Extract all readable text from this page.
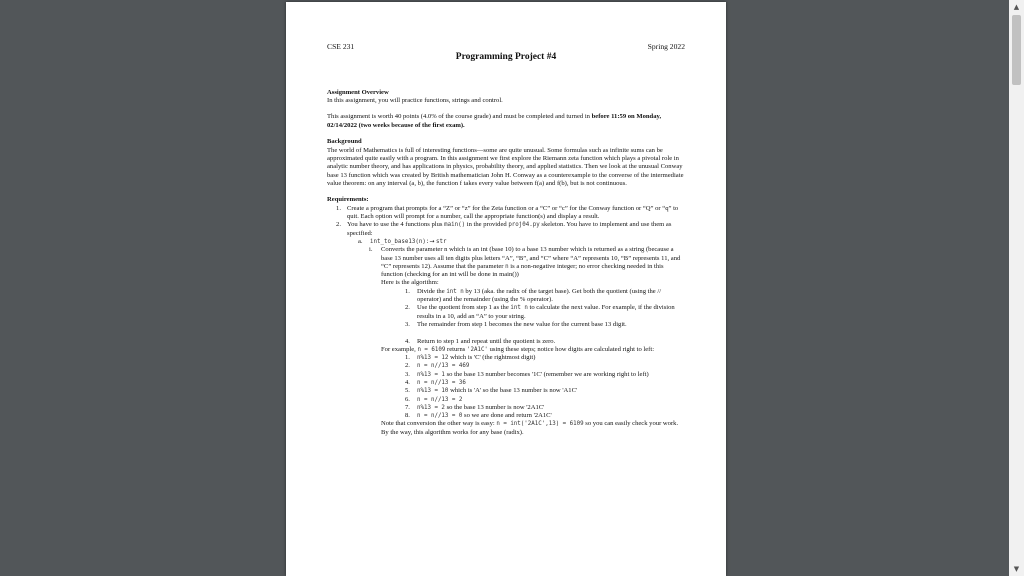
CSE 231	Spring 2022
Programming Project #4

Assignment Overview

In this assignment, you will practice functions, strings and control.

This assignment is worth 40 points (4.0% of the course grade) and must be completed and turned in before 11:59 on Monday, 02/14/2022 (two weeks because of the first exam).

Background

The world of Mathematics is full of interesting functions—some are quite unusual. Some formulas such as infinite sums can be approximated quite easily with a program. In this assignment we first explore the Riemann zeta function which plays a pivotal role in analytic number theory, and has applications in physics, probability theory, and applied statistics. Then we look at the unusual Conway base 13 function which was created by British mathematician John H. Conway as a counterexample to the converse of the intermediate value theorem: on any interval (a, b), the function f takes every value between f(a) and f(b), but is not continuous.

Requirements:

1. Create a program that prompts for a “Z” or “z” for the Zeta function or a “C” or “c” for the Conway function or “Q” or “q” to quit. Each option will prompt for a number, call the appropriate function(s) and display a result.
2. You have to use the 4 functions plus main() in the provided proj04.py skeleton. You have to implement and use them as specified:
a.	int_to_base13(n):→ str
i.	Converts the parameter n which is an int (base 10) to a base 13 number which is returned as a string (because a base 13 number uses all ten digits plus letters “A”, “B”, and “C” where “A” represents 10, “B” represents 11, and “C” represents 12). Assume that the parameter n is a non-negative integer; no error checking needed in this function (checking for an int will be done in main())

Here is the algorithm:

1.	Divide the int n by 13 (aka. the radix of the target base). Get both the quotient (using the // operator) and the remainder (using the % operator).
2.	Use the quotient from step 1 as the int n to calculate the next value. For example, if the division results in a 10, add an “A” to your string.
3.	The remainder from step 1 becomes the new value for the current base 13 digit.
4.	Return to step 1 and repeat until the quotient is zero.

For example, n = 6109 returns '2A1C' using these steps; notice how digits are calculated right to left:

1.	n%13 = 12 which is 'C' (the rightmost digit)
2.	n = n//13 = 469
3.	n%13 = 1 so the base 13 number becomes '1C' (remember we are working right to left)
4.	n = n//13 = 36
5.	n%13 = 10 which is 'A' so the base 13 number is now 'A1C'
6.	n = n//13 = 2
7.	n%13 = 2 so the base 13 number is now '2A1C'
8.	n = n//13 = 0 so we are done and return '2A1C'

Note that conversion the other way is easy: n = int('2A1C',13) = 6109 so you can easily check your work. By the way, this algorithm works for any base (radix).

▲
▼
